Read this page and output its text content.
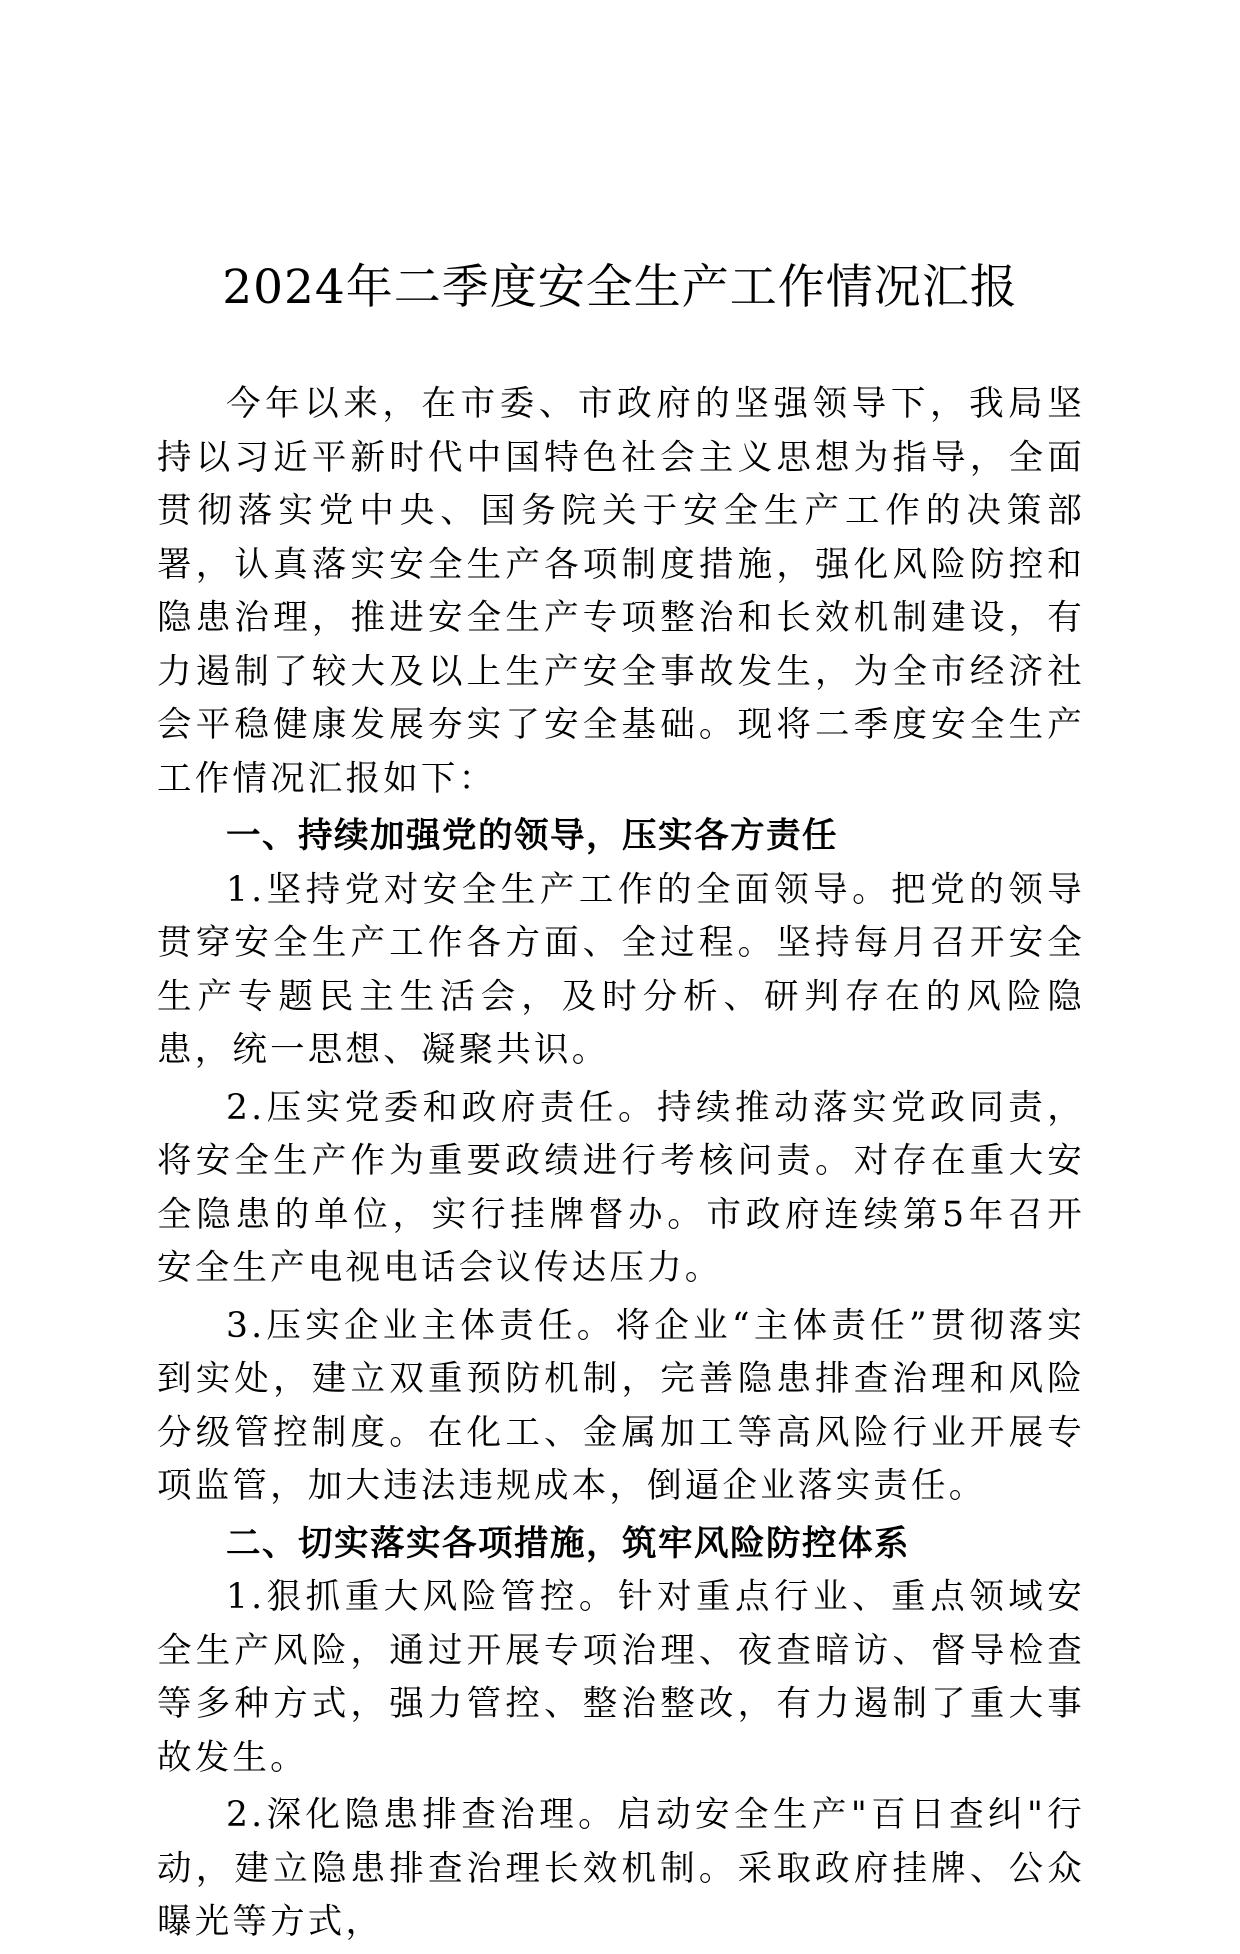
2024年二季度安全生产工作情况汇报

今年以来，在市委、市政府的坚强领导下，我局坚持以习近平新时代中国特色社会主义思想为指导，全面贯彻落实党中央、国务院关于安全生产工作的决策部署，认真落实安全生产各项制度措施，强化风险防控和隐患治理，推进安全生产专项整治和长效机制建设，有力遏制了较大及以上生产安全事故发生，为全市经济社会平稳健康发展夯实了安全基础。现将二季度安全生产工作情况汇报如下：

一、持续加强党的领导，压实各方责任

1.坚持党对安全生产工作的全面领导。把党的领导贯穿安全生产工作各方面、全过程。坚持每月召开安全生产专题民主生活会，及时分析、研判存在的风险隐患，统一思想、凝聚共识。

2.压实党委和政府责任。持续推动落实党政同责，将安全生产作为重要政绩进行考核问责。对存在重大安全隐患的单位，实行挂牌督办。市政府连续第5年召开安全生产电视电话会议传达压力。

3.压实企业主体责任。将企业“主体责任”贯彻落实到实处，建立双重预防机制，完善隐患排查治理和风险分级管控制度。在化工、金属加工等高风险行业开展专项监管，加大违法违规成本，倒逼企业落实责任。

二、切实落实各项措施，筑牢风险防控体系

1.狠抓重大风险管控。针对重点行业、重点领域安全生产风险，通过开展专项治理、夜查暗访、督导检查等多种方式，强力管控、整治整改，有力遏制了重大事故发生。

2.深化隐患排查治理。启动安全生产"百日查纠"行动，建立隐患排查治理长效机制。采取政府挂牌、公众曝光等方式，
